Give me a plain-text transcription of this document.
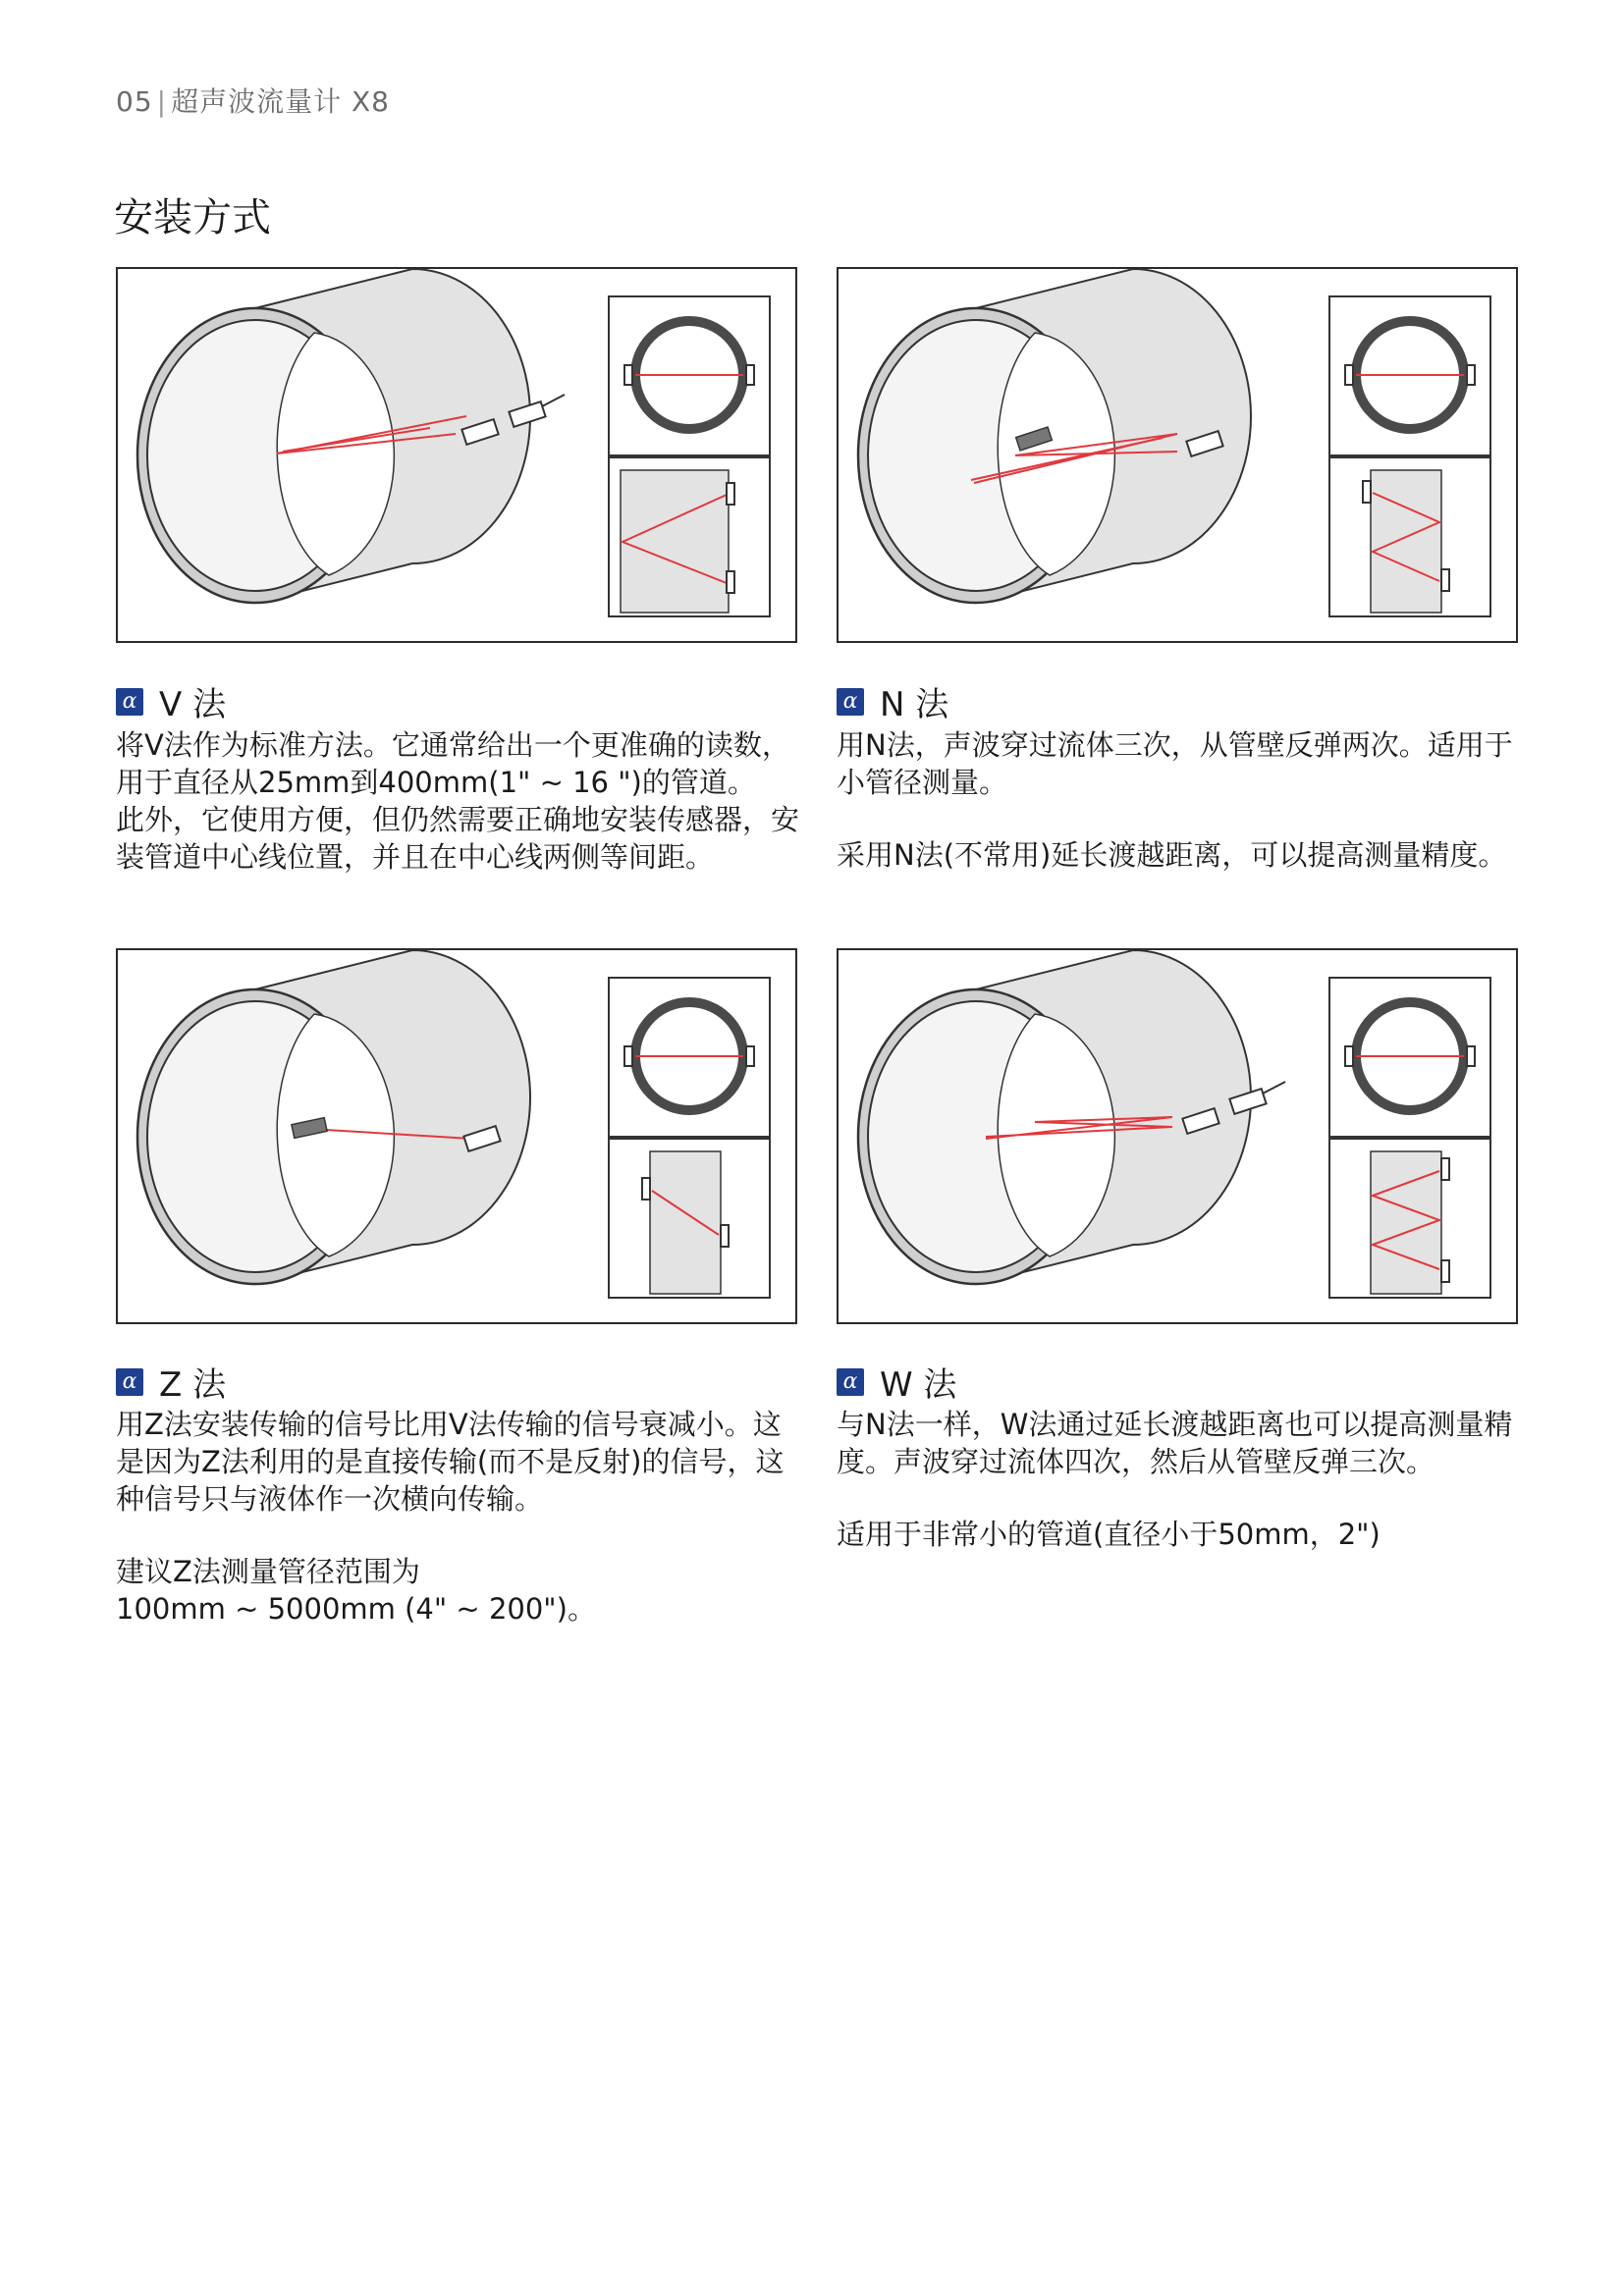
05 | 超声波流量计 X8
安装方式
α V 法	α N 法
α Z 法	α W 法

将V法作为标准方法。它通常给出一个更准确的读数，用于直径从25mm到400mm(1" ~ 16 ")的管道。

此外，它使用方便，但仍然需要正确地安装传感器，安装管道中心线位置，并且在中心线两侧等间距。

用N法，声波穿过流体三次，从管壁反弹两次。适用于小管径测量。

采用N法(不常用)延长渡越距离，可以提高测量精度。

用Z法安装传输的信号比用V法传输的信号衰减小。这是因为Z法利用的是直接传输(而不是反射)的信号，这种信号只与液体作一次横向传输。

建议Z法测量管径范围为

100mm ~ 5000mm (4" ~ 200")。

与N法一样，W法通过延长渡越距离也可以提高测量精度。声波穿过流体四次，然后从管壁反弹三次。

适用于非常小的管道(直径小于50mm，2")
